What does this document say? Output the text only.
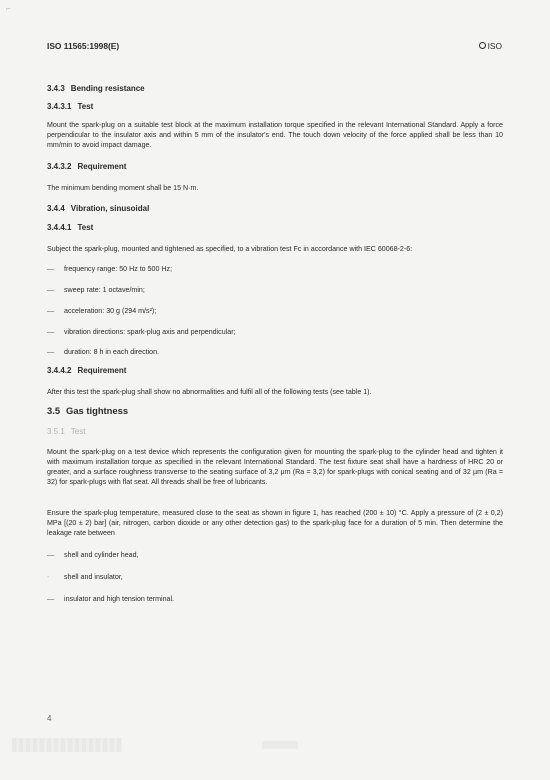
⌐
ISO 11565:1998(E)	ISO
3.4.3 Bending resistance
3.4.3.1 Test
Mount the spark-plug on a suitable test block at the maximum installation torque specified in the relevant International Standard. Apply a force perpendicular to the insulator axis and within 5 mm of the insulator's end. The touch down velocity of the force applied shall be less than 10 mm/min to avoid impact damage.
3.4.3.2 Requirement
The minimum bending moment shall be 15 N·m.
3.4.4 Vibration, sinusoidal
3.4.4.1 Test
Subject the spark-plug, mounted and tightened as specified, to a vibration test Fc in accordance with IEC 60068-2-6:
— frequency range: 50 Hz to 500 Hz;
— sweep rate: 1 octave/min;
— acceleration: 30 g (294 m/s²);
— vibration directions: spark-plug axis and perpendicular;
— duration: 8 h in each direction.
3.4.4.2 Requirement
After this test the spark-plug shall show no abnormalities and fulfil all of the following tests (see table 1).
3.5 Gas tightness
3.5.1 Test
Mount the spark-plug on a test device which represents the configuration given for mounting the spark-plug to the cylinder head and tighten it with maximum installation torque as specified in the relevant International Standard. The test fixture seat shall have a hardness of HRC 20 or greater, and a surface roughness transverse to the seating surface of 3,2 µm (Ra = 3,2) for spark-plugs with conical seating and of 32 µm (Ra = 32) for spark-plugs with flat seat. All threads shall be free of lubricants.
Ensure the spark-plug temperature, measured close to the seat as shown in figure 1, has reached (200 ± 10) °C. Apply a pressure of (2 ± 0,2) MPa [(20 ± 2) bar] (air, nitrogen, carbon dioxide or any other detection gas) to the spark-plug face for a duration of 5 min. Then determine the leakage rate between
— shell and cylinder head,
- shell and insulator,
— insulator and high tension terminal.
4
